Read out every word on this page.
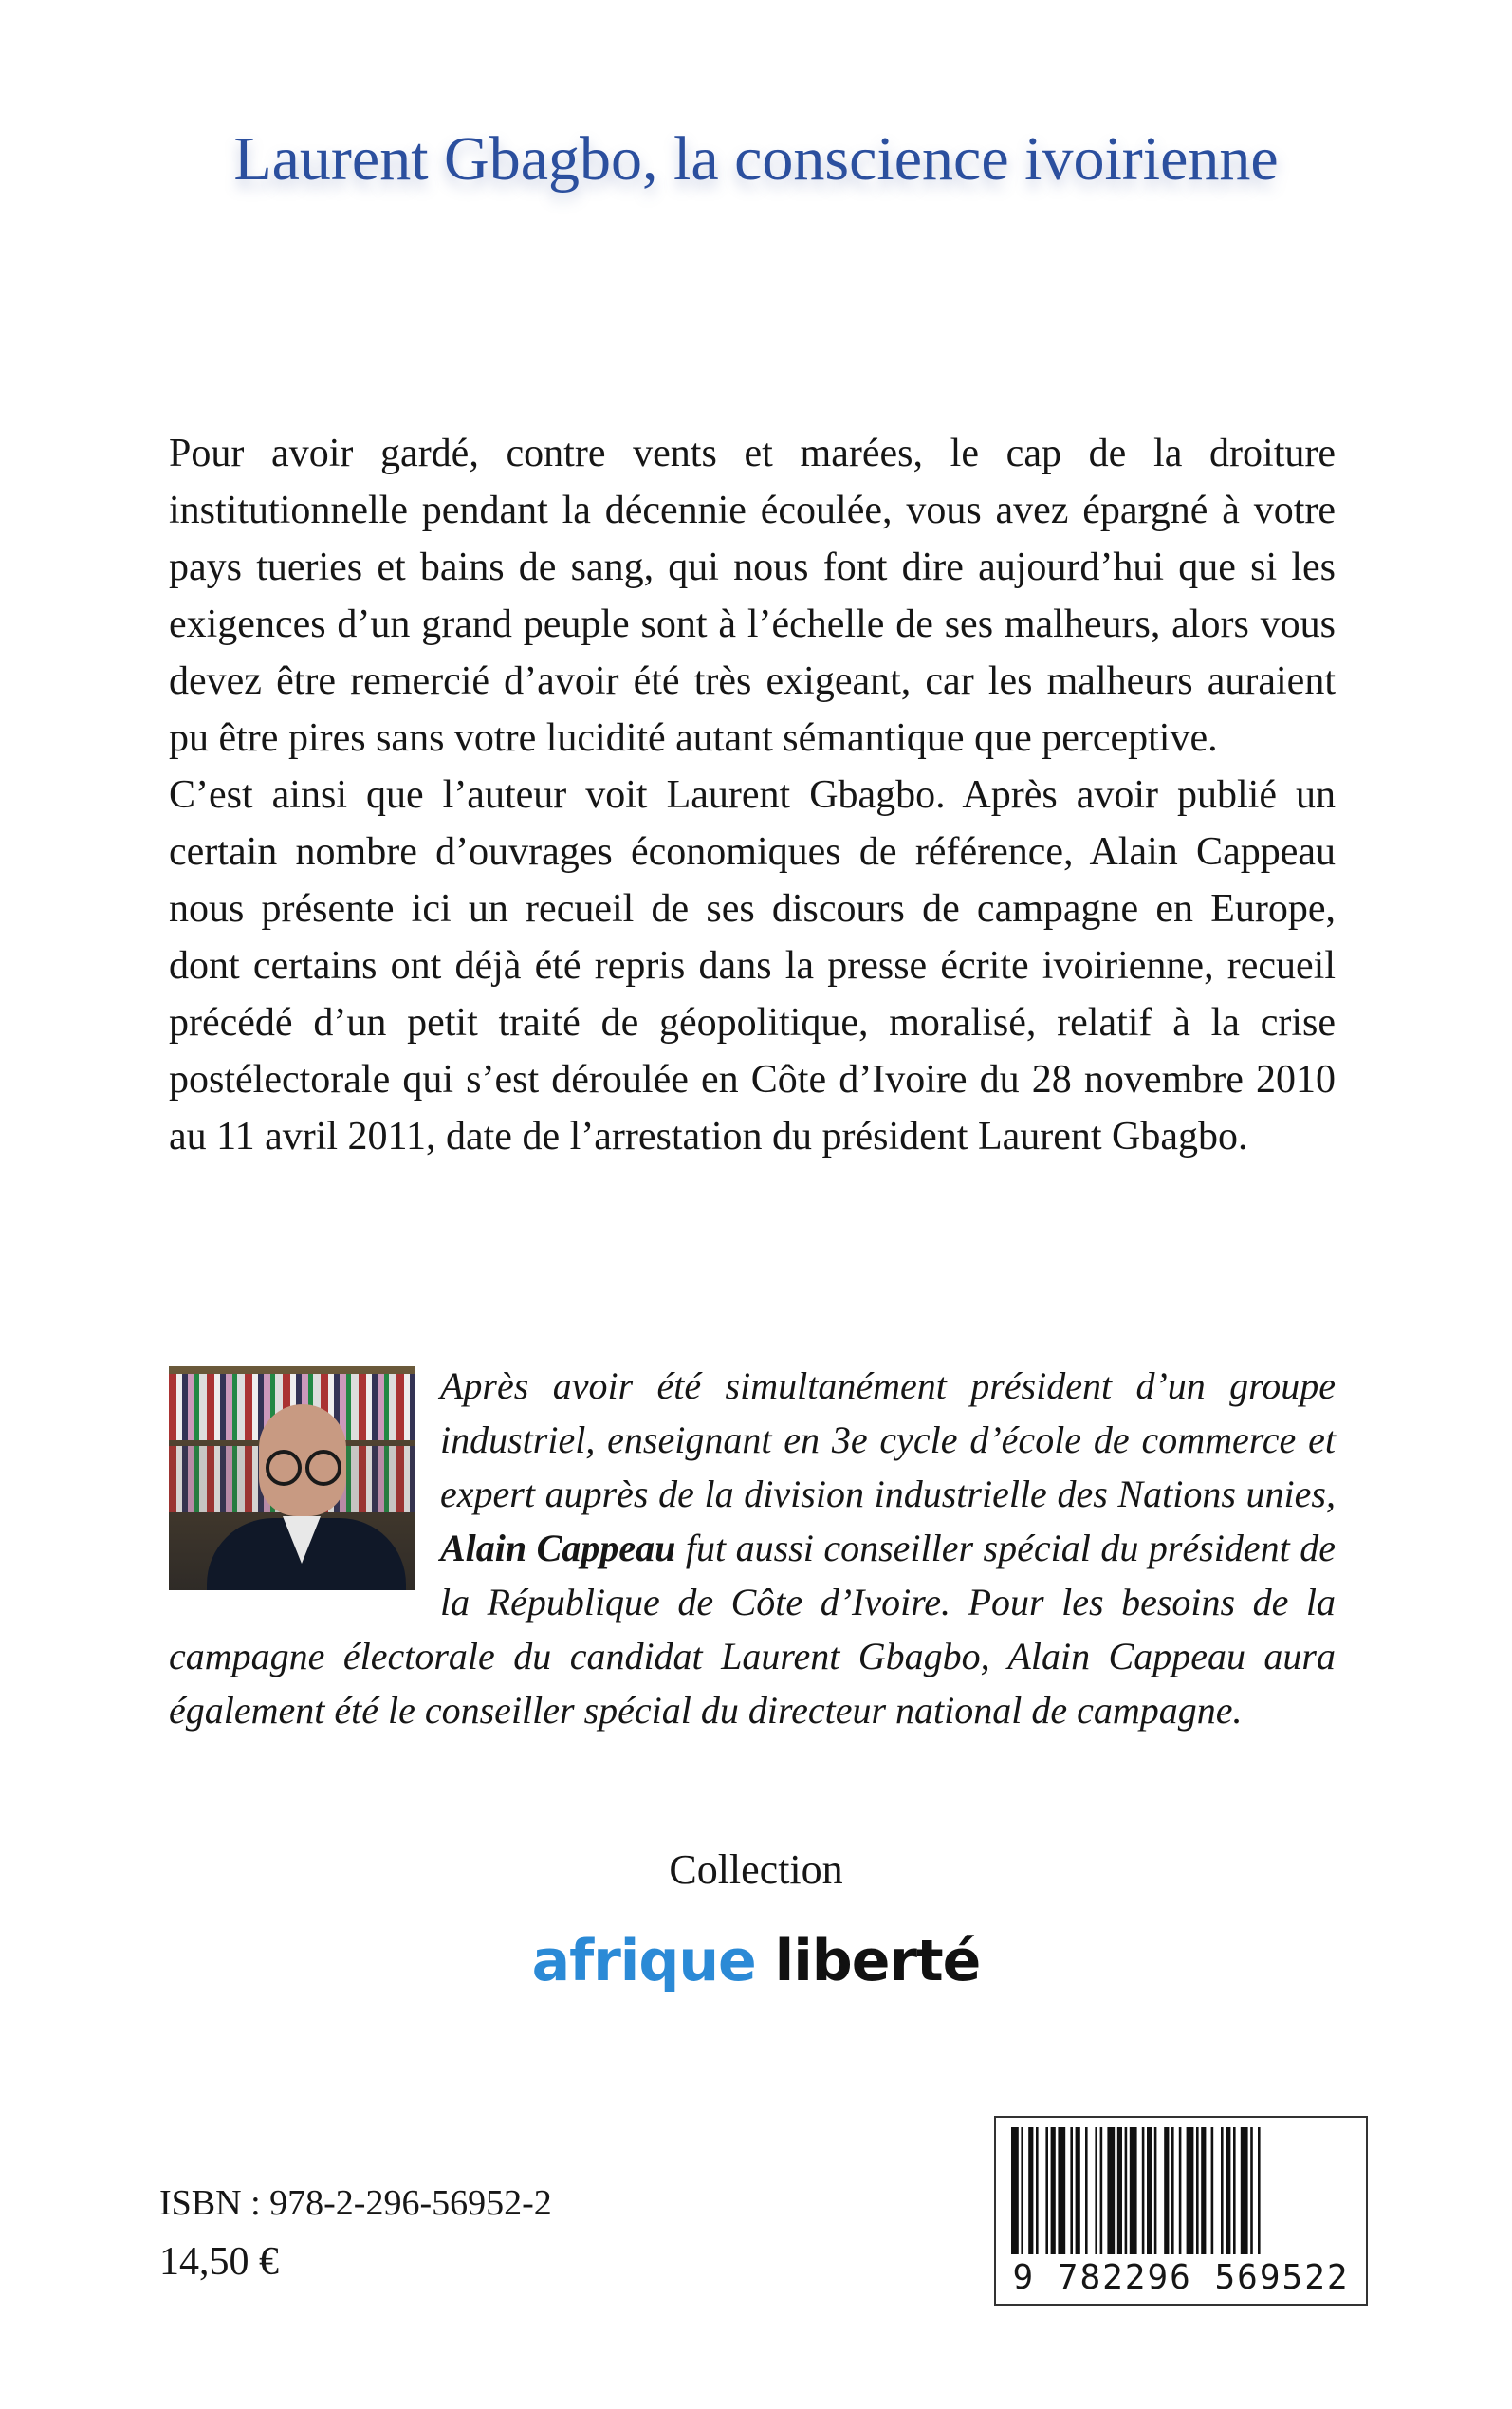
Laurent Gbagbo, la conscience ivoirienne

Pour avoir gardé, contre vents et marées, le cap de la droiture institutionnelle pendant la décennie écoulée, vous avez épargné à votre pays tueries et bains de sang, qui nous font dire aujourd’hui que si les exigences d’un grand peuple sont à l’échelle de ses malheurs, alors vous devez être remercié d’avoir été très exigeant, car les malheurs auraient pu être pires sans votre lucidité autant sémantique que perceptive.

C’est ainsi que l’auteur voit Laurent Gbagbo. Après avoir publié un certain nombre d’ouvrages économiques de référence, Alain Cappeau nous présente ici un recueil de ses discours de campagne en Europe, dont certains ont déjà été repris dans la presse écrite ivoirienne, recueil précédé d’un petit traité de géopolitique, moralisé, relatif à la crise postélectorale qui s’est déroulée en Côte d’Ivoire du 28 novembre 2010 au 11 avril 2011, date de l’arrestation du président Laurent Gbagbo.

Après avoir été simultanément président d’un groupe industriel, enseignant en 3e cycle d’école de commerce et expert auprès de la division industrielle des Nations unies, Alain Cappeau fut aussi conseiller spécial du président de la République de Côte d’Ivoire. Pour les besoins de la campagne électorale du candidat Laurent Gbagbo, Alain Cappeau aura également été le conseiller spécial du directeur national de campagne.

Collection
afrique liberté
ISBN : 978-2-296-56952-2
14,50 €	9 782296 569522
